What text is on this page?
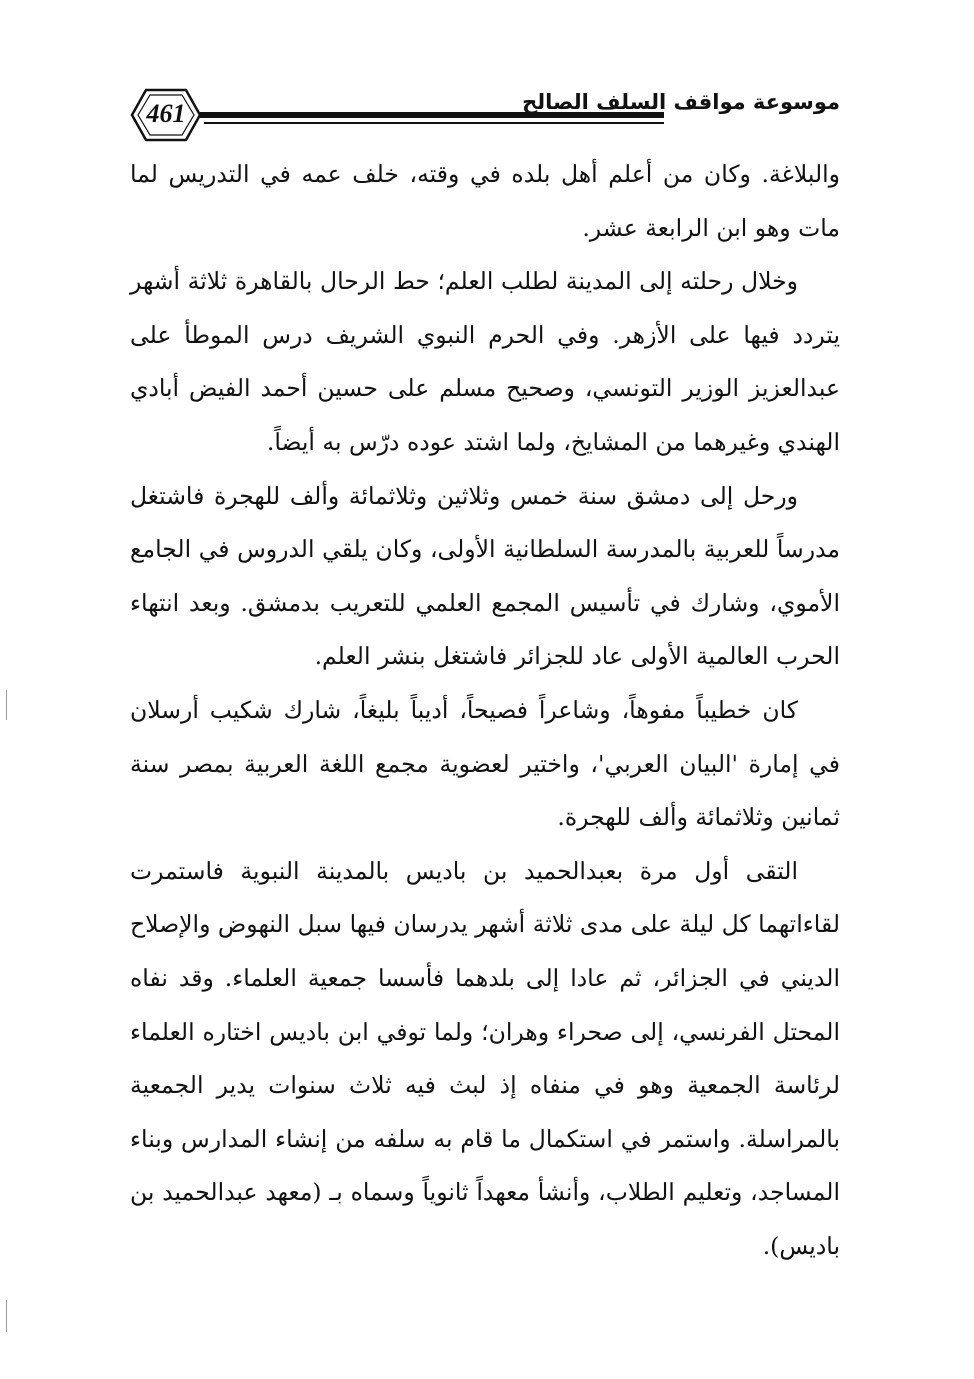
461	موسوعة مواقف السلف الصالح

والبلاغة. وكان من أعلم أهل بلده في وقته، خلف عمه في التدريس لما مات وهو ابن الرابعة عشر.

وخلال رحلته إلى المدينة لطلب العلم؛ حط الرحال بالقاهرة ثلاثة أشهر يتردد فيها على الأزهر. وفي الحرم النبوي الشريف درس الموطأ على عبدالعزيز الوزير التونسي، وصحيح مسلم على حسين أحمد الفيض أبادي الهندي وغيرهما من المشايخ، ولما اشتد عوده درّس به أيضاً.

ورحل إلى دمشق سنة خمس وثلاثين وثلاثمائة وألف للهجرة فاشتغل مدرساً للعربية بالمدرسة السلطانية الأولى، وكان يلقي الدروس في الجامع الأموي، وشارك في تأسيس المجمع العلمي للتعريب بدمشق. وبعد انتهاء الحرب العالمية الأولى عاد للجزائر فاشتغل بنشر العلم.

كان خطيباً مفوهاً، وشاعراً فصيحاً، أديباً بليغاً، شارك شكيب أرسلان في إمارة 'البيان العربي'، واختير لعضوية مجمع اللغة العربية بمصر سنة ثمانين وثلاثمائة وألف للهجرة.

التقى أول مرة بعبدالحميد بن باديس بالمدينة النبوية فاستمرت لقاءاتهما كل ليلة على مدى ثلاثة أشهر يدرسان فيها سبل النهوض والإصلاح الديني في الجزائر، ثم عادا إلى بلدهما فأسسا جمعية العلماء. وقد نفاه المحتل الفرنسي، إلى صحراء وهران؛ ولما توفي ابن باديس اختاره العلماء لرئاسة الجمعية وهو في منفاه إذ لبث فيه ثلاث سنوات يدير الجمعية بالمراسلة. واستمر في استكمال ما قام به سلفه من إنشاء المدارس وبناء المساجد، وتعليم الطلاب، وأنشأ معهداً ثانوياً وسماه بـ (معهد عبدالحميد بن باديس).
